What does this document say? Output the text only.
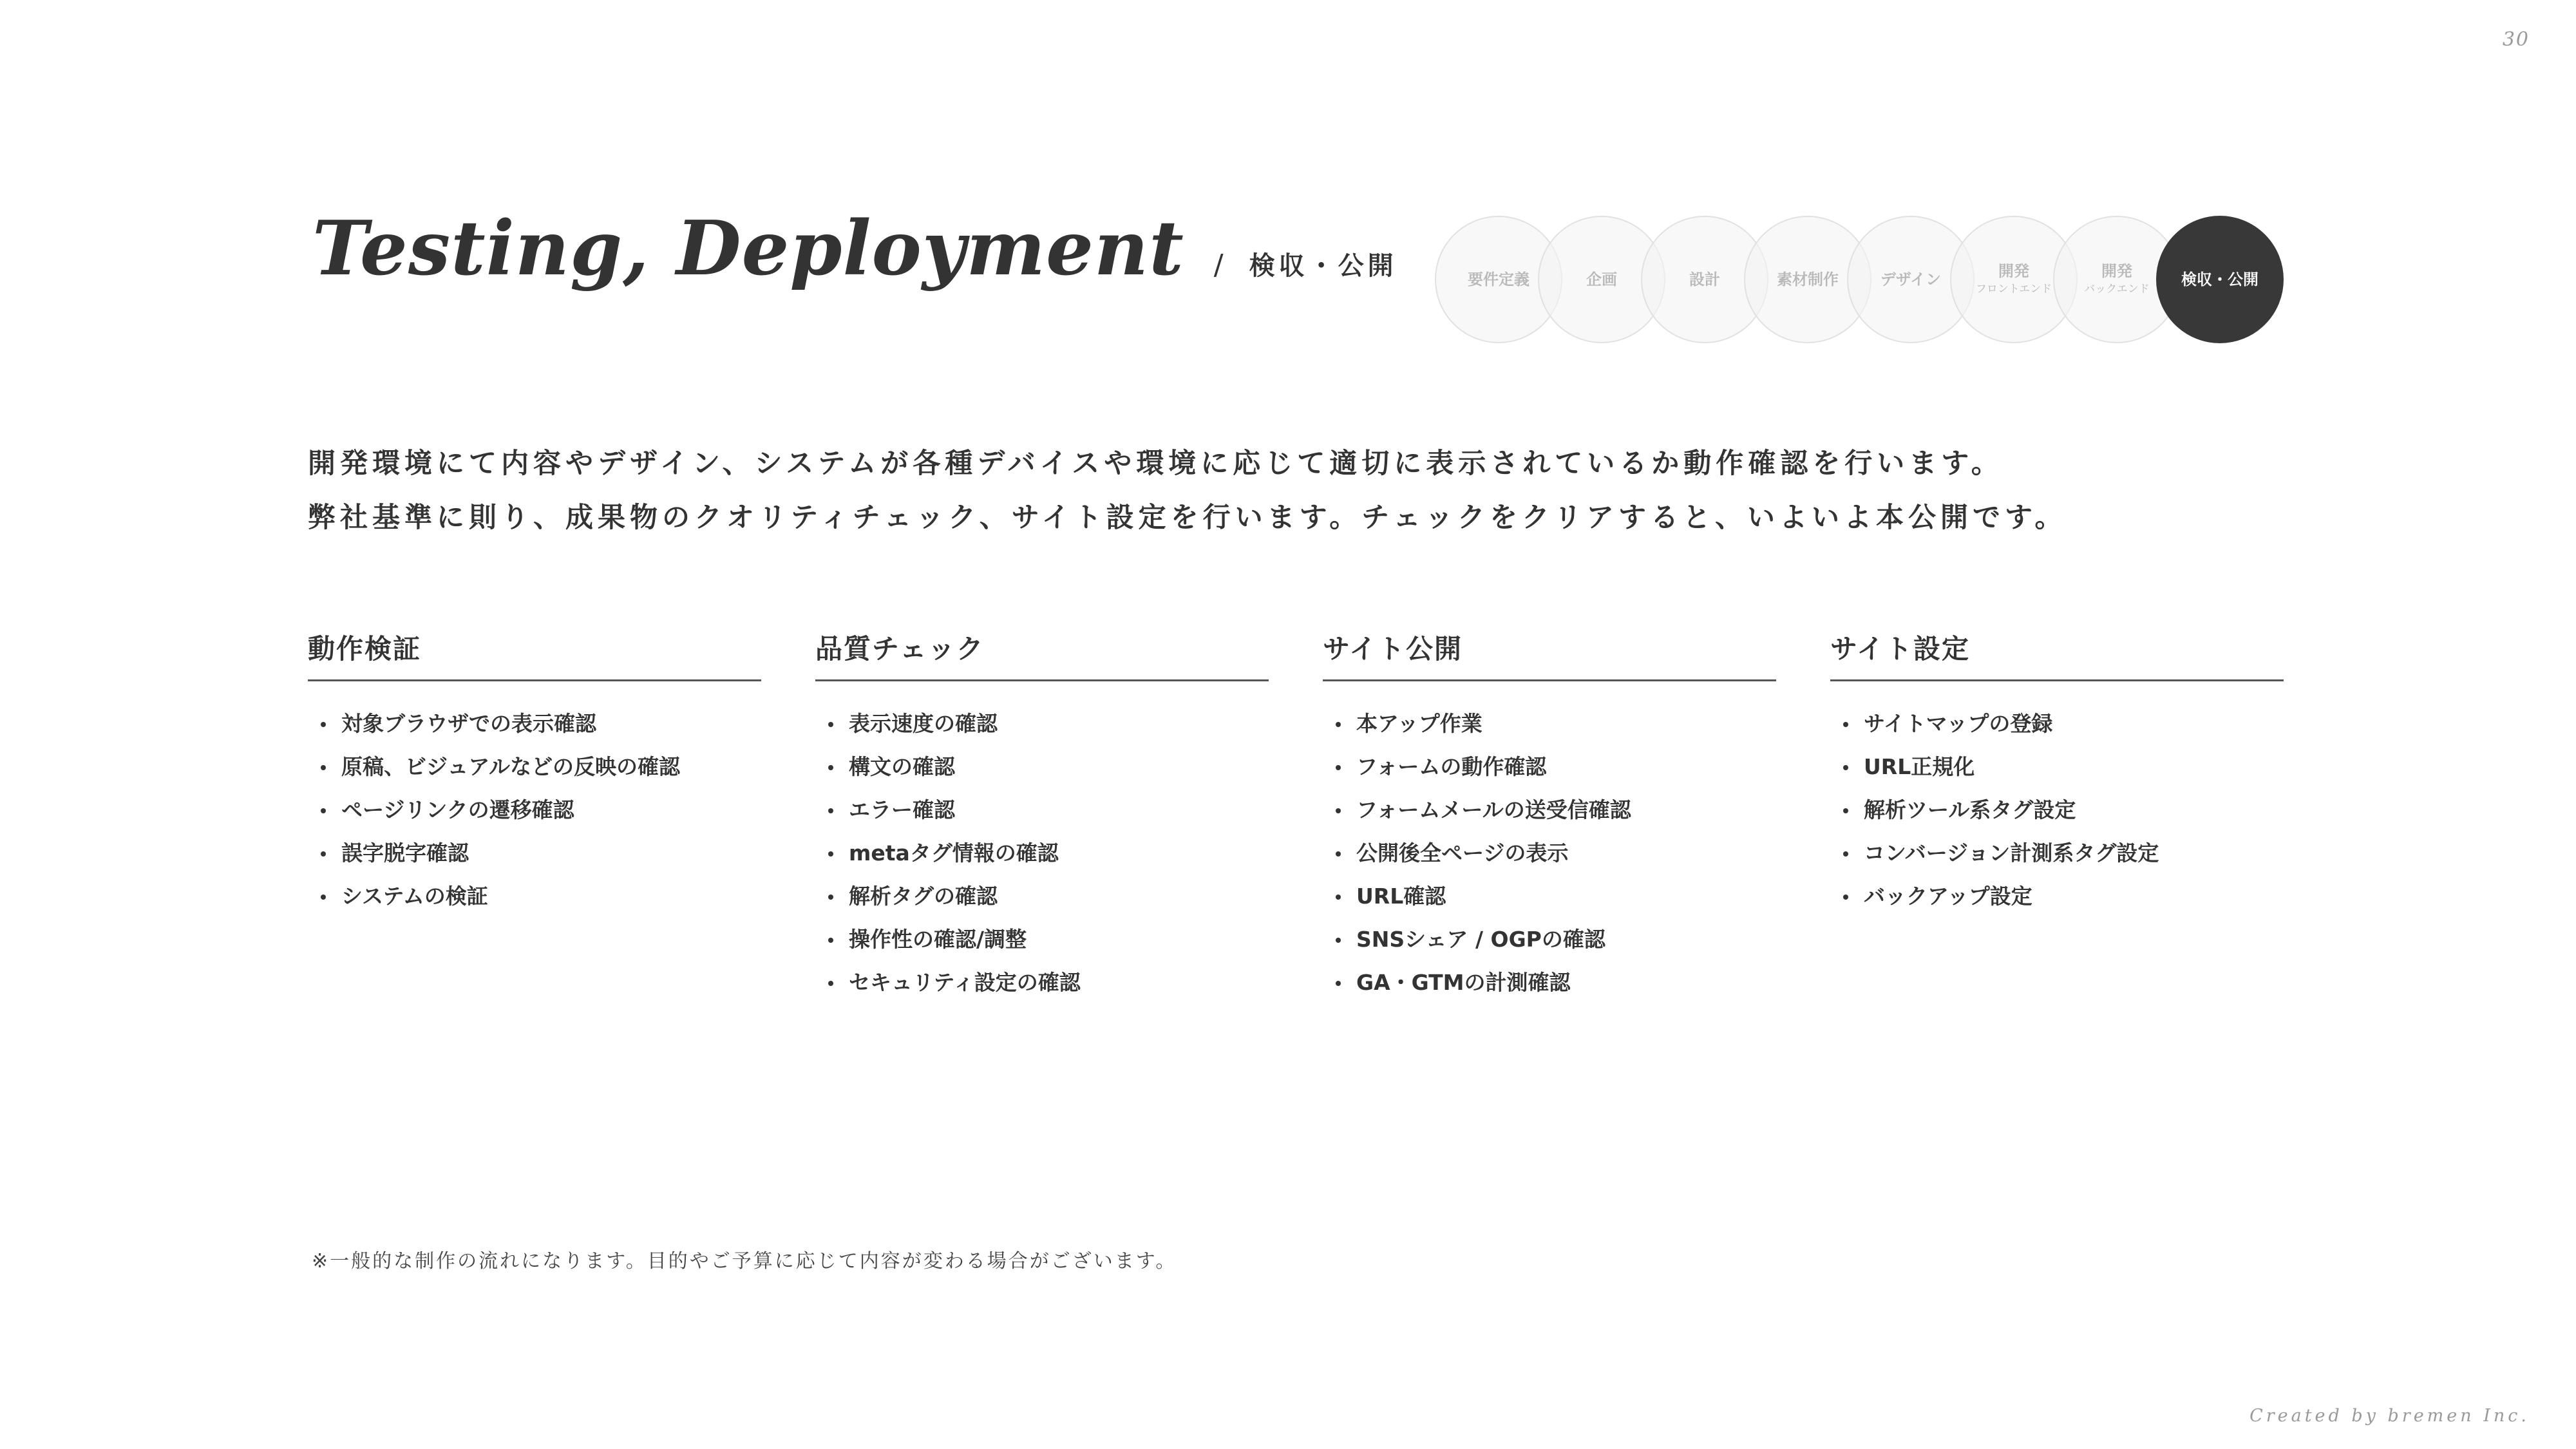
30
Testing, Deployment / 検収・公開	要件定義	企画	設計	素材制作	デザイン	開発
フロントエンド
開発
バックエンド
検収・公開

開発環境にて内容やデザイン、システムが各種デバイスや環境に応じて適切に表示されているか動作確認を行います。

弊社基準に則り、成果物のクオリティチェック、サイト設定を行います。チェックをクリアすると、いよいよ本公開です。

動作検証
対象ブラウザでの表示確認
原稿、ビジュアルなどの反映の確認
ページリンクの遷移確認
誤字脱字確認
システムの検証
品質チェック
表示速度の確認
構文の確認
エラー確認
metaタグ情報の確認
解析タグの確認
操作性の確認/調整
セキュリティ設定の確認
サイト公開
本アップ作業
フォームの動作確認
フォームメールの送受信確認
公開後全ページの表示
URL確認
SNSシェア / OGPの確認
GA・GTMの計測確認
サイト設定
サイトマップの登録
URL正規化
解析ツール系タグ設定
コンバージョン計測系タグ設定
バックアップ設定
※一般的な制作の流れになります。目的やご予算に応じて内容が変わる場合がございます。
Created by bremen Inc.
